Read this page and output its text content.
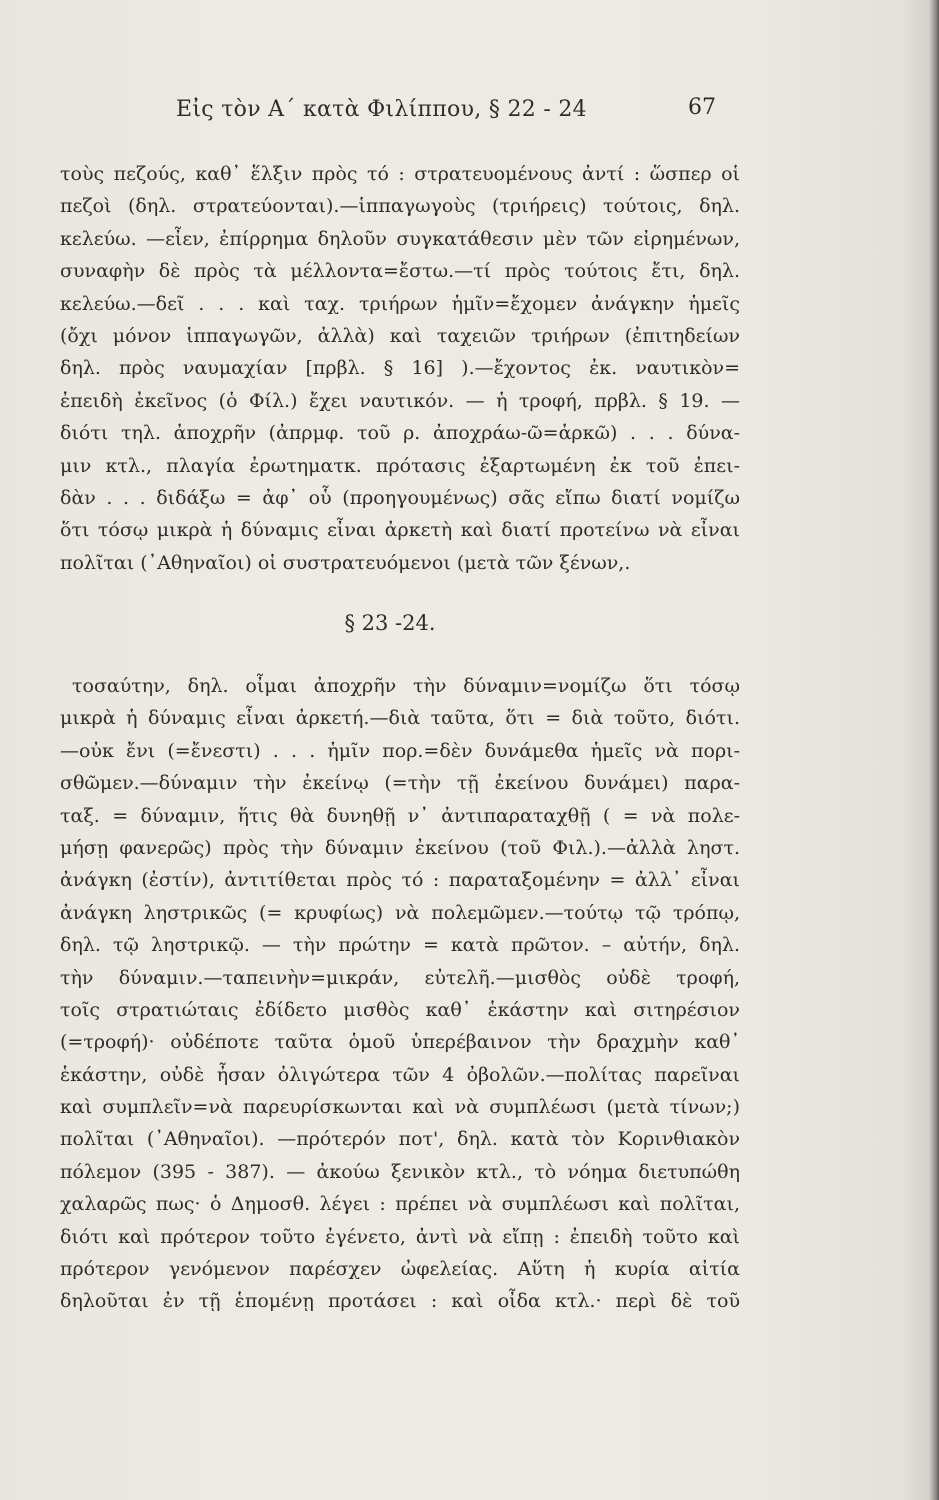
Εἰς τὸν Α΄ κατὰ Φιλίππου, § 22 - 24	67
τοὺς πεζούς, καθ᾿ ἕλξιν πρὸς τό : στρατευομένους ἀντί : ὥσπερ οἱ
πεζοὶ (δηλ. στρατεύονται).—ἱππαγωγοὺς (τριήρεις) τούτοις, δηλ.
κελεύω. —εἶεν, ἐπίρρημα δηλοῦν συγκατάθεσιν μὲν τῶν εἰρημένων,
συναφὴν δὲ πρὸς τὰ μέλλοντα=ἔστω.—τί πρὸς τούτοις ἔτι, δηλ.
κελεύω.—δεῖ . . . καὶ ταχ. τριήρων ἡμῖν=ἔχομεν ἀνάγκην ἡμεῖς
(ὄχι μόνον ἱππαγωγῶν, ἀλλὰ) καὶ ταχειῶν τριήρων (ἐπιτηδείων
δηλ. πρὸς ναυμαχίαν [πρβλ. § 16] ).—ἔχοντος ἐκ. ναυτικὸν=
ἐπειδὴ ἐκεῖνος (ὁ Φίλ.) ἔχει ναυτικόν. — ἡ τροφή, πρβλ. § 19. —
διότι τηλ. ἀποχρῆν (ἀπρμφ. τοῦ ρ. ἀποχράω-ῶ=ἀρκῶ) . . . δύνα-
μιν κτλ., πλαγία ἐρωτηματκ. πρότασις ἐξαρτωμένη ἐκ τοῦ ἐπει-
δὰν . . . διδάξω = ἀφ᾿ οὗ (προηγουμένως) σᾶς εἴπω διατί νομίζω
ὅτι τόσῳ μικρὰ ἡ δύναμις εἶναι ἀρκετὴ καὶ διατί προτείνω νὰ εἶναι
πολῖται (᾿Αθηναῖοι) οἱ συστρατευόμενοι (μετὰ τῶν ξένων,.
§ 23 -24.
τοσαύτην, δηλ. οἶμαι ἀποχρῆν τὴν δύναμιν=νομίζω ὅτι τόσῳ
μικρὰ ἡ δύναμις εἶναι ἀρκετή.—διὰ ταῦτα, ὅτι = διὰ τοῦτο, διότι.
—οὐκ ἔνι (=ἔνεστι) . . . ἡμῖν πορ.=δὲν δυνάμεθα ἡμεῖς νὰ πορι-
σθῶμεν.—δύναμιν τὴν ἐκείνῳ (=τὴν τῇ ἐκείνου δυνάμει) παρα-
ταξ. = δύναμιν, ἥτις θὰ δυνηθῇ ν᾿ ἀντιπαραταχθῇ ( = νὰ πολε-
μήσῃ φανερῶς) πρὸς τὴν δύναμιν ἐκείνου (τοῦ Φιλ.).—ἀλλὰ ληστ.
ἀνάγκη (ἐστίν), ἀντιτίθεται πρὸς τό : παραταξομένην = ἀλλ᾿ εἶναι
ἀνάγκη ληστρικῶς (= κρυφίως) νὰ πολεμῶμεν.—τούτῳ τῷ τρόπῳ,
δηλ. τῷ ληστρικῷ. — τὴν πρώτην = κατὰ πρῶτον. – αὐτήν, δηλ.
τὴν δύναμιν.—ταπεινὴν=μικράν, εὐτελῆ.—μισθὸς οὐδὲ τροφή,
τοῖς στρατιώταις ἐδίδετο μισθὸς καθ᾿ ἑκάστην καὶ σιτηρέσιον
(=τροφή)· οὐδέποτε ταῦτα ὁμοῦ ὑπερέβαινον τὴν δραχμὴν καθ᾿
ἑκάστην, οὐδὲ ἦσαν ὀλιγώτερα τῶν 4 ὀβολῶν.—πολίτας παρεῖναι
καὶ συμπλεῖν=νὰ παρευρίσκωνται καὶ νὰ συμπλέωσι (μετὰ τίνων;)
πολῖται (᾿Αθηναῖοι). —πρότερόν ποτ', δηλ. κατὰ τὸν Κορινθιακὸν
πόλεμον (395 - 387). — ἀκούω ξενικὸν κτλ., τὸ νόημα διετυπώθη
χαλαρῶς πως· ὁ Δημοσθ. λέγει : πρέπει νὰ συμπλέωσι καὶ πολῖται,
διότι καὶ πρότερον τοῦτο ἐγένετο, ἀντὶ νὰ εἴπῃ : ἐπειδὴ τοῦτο καὶ
πρότερον γενόμενον παρέσχεν ὠφελείας. Αὕτη ἡ κυρία αἰτία
δηλοῦται ἐν τῇ ἑπομένῃ προτάσει : καὶ οἶδα κτλ.· περὶ δὲ τοῦ
